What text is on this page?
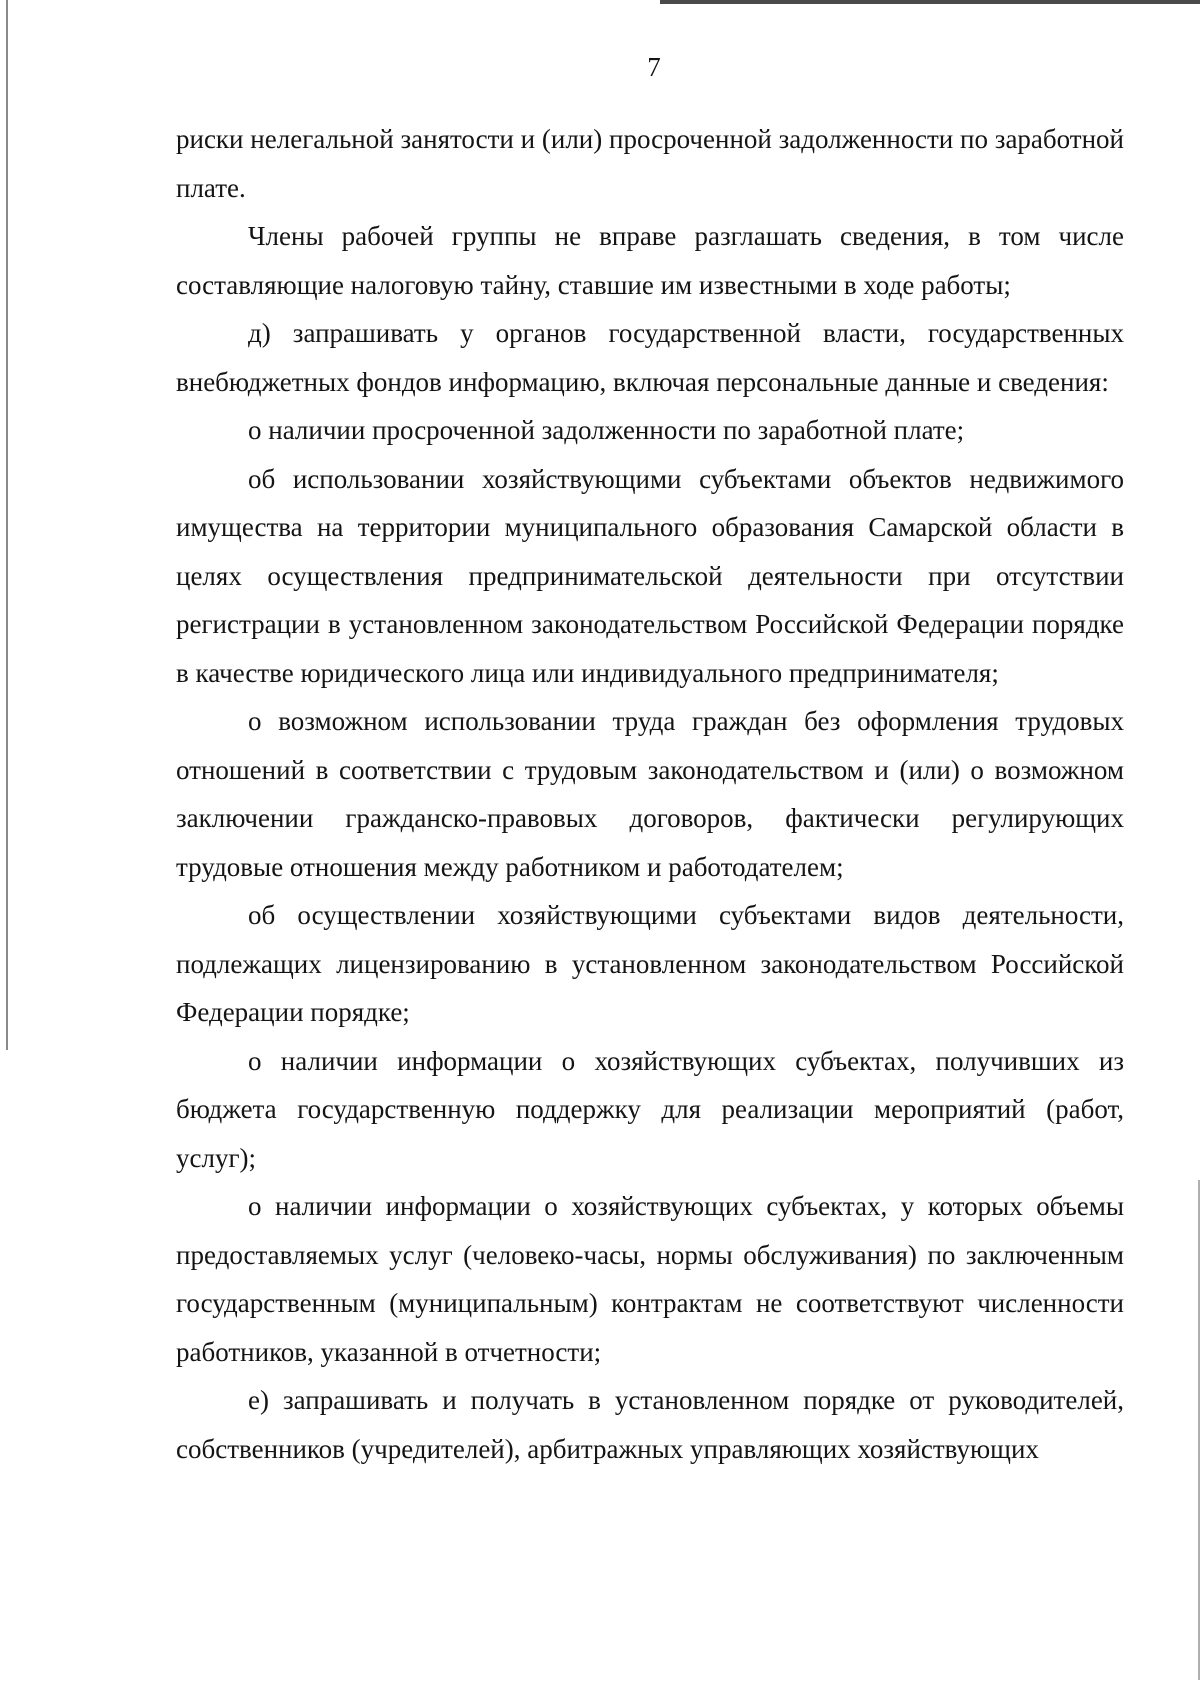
7

риски нелегальной занятости и (или) просроченной задолженности по заработной плате.

Члены рабочей группы не вправе разглашать сведения, в том числе составляющие налоговую тайну, ставшие им известными в ходе работы;

д) запрашивать у органов государственной власти, государственных внебюджетных фондов информацию, включая персональные данные и сведения:

о наличии просроченной задолженности по заработной плате;

об использовании хозяйствующими субъектами объектов недвижимого имущества на территории муниципального образования Самарской области в целях осуществления предпринимательской деятельности при отсутствии регистрации в установленном законодательством Российской Федерации порядке в качестве юридического лица или индивидуального предпринимателя;

о возможном использовании труда граждан без оформления трудовых отношений в соответствии с трудовым законодательством и (или) о возможном заключении гражданско-правовых договоров, фактически регулирующих трудовые отношения между работником и работодателем;

об осуществлении хозяйствующими субъектами видов деятельности, подлежащих лицензированию в установленном законодательством Российской Федерации порядке;

о наличии информации о хозяйствующих субъектах, получивших из бюджета государственную поддержку для реализации мероприятий (работ, услуг);

о наличии информации о хозяйствующих субъектах, у которых объемы предоставляемых услуг (человеко-часы, нормы обслуживания) по заключенным государственным (муниципальным) контрактам не соответствуют численности работников, указанной в отчетности;

е) запрашивать и получать в установленном порядке от руководителей, собственников (учредителей), арбитражных управляющих хозяйствующих
